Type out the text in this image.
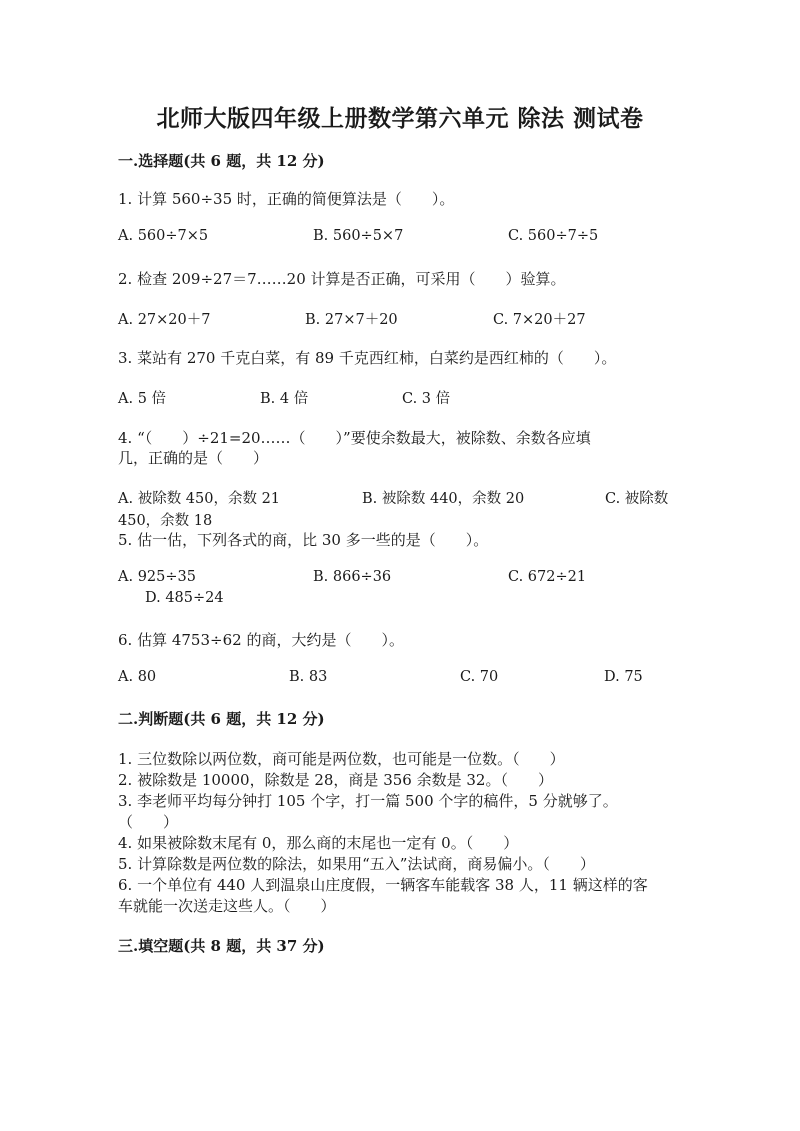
北师大版四年级上册数学第六单元 除法 测试卷
一.选择题(共 6 题，共 12 分)
1. 计算 560÷35 时，正确的简便算法是（　　）。
A. 560÷7×5	B. 560÷5×7	C. 560÷7÷5
2. 检查 209÷27＝7……20 计算是否正确，可采用（　　）验算。
A. 27×20＋7	B. 27×7＋20	C. 7×20＋27
3. 菜站有 270 千克白菜，有 89 千克西红柿，白菜约是西红柿的（　　）。
A. 5 倍	B. 4 倍	C. 3 倍
4. “（　　）÷21=20……（　　）”要使余数最大，被除数、余数各应填
几，正确的是（　　）
A. 被除数 450，余数 21	B. 被除数 440，余数 20	C. 被除数
450，余数 18
5. 估一估，下列各式的商，比 30 多一些的是（　　）。
A. 925÷35	B. 866÷36	C. 672÷21
D. 485÷24
6. 估算 4753÷62 的商，大约是（　　）。
A. 80	B. 83	C. 70	D. 75
二.判断题(共 6 题，共 12 分)
1. 三位数除以两位数，商可能是两位数，也可能是一位数。（　　）
2. 被除数是 10000，除数是 28，商是 356 余数是 32。（　　）
3. 李老师平均每分钟打 105 个字，打一篇 500 个字的稿件，5 分就够了。
（　　）
4. 如果被除数末尾有 0，那么商的末尾也一定有 0。（　　）
5. 计算除数是两位数的除法，如果用“五入”法试商，商易偏小。（　　）
6. 一个单位有 440 人到温泉山庄度假，一辆客车能载客 38 人，11 辆这样的客
车就能一次送走这些人。（　　）
三.填空题(共 8 题，共 37 分)
